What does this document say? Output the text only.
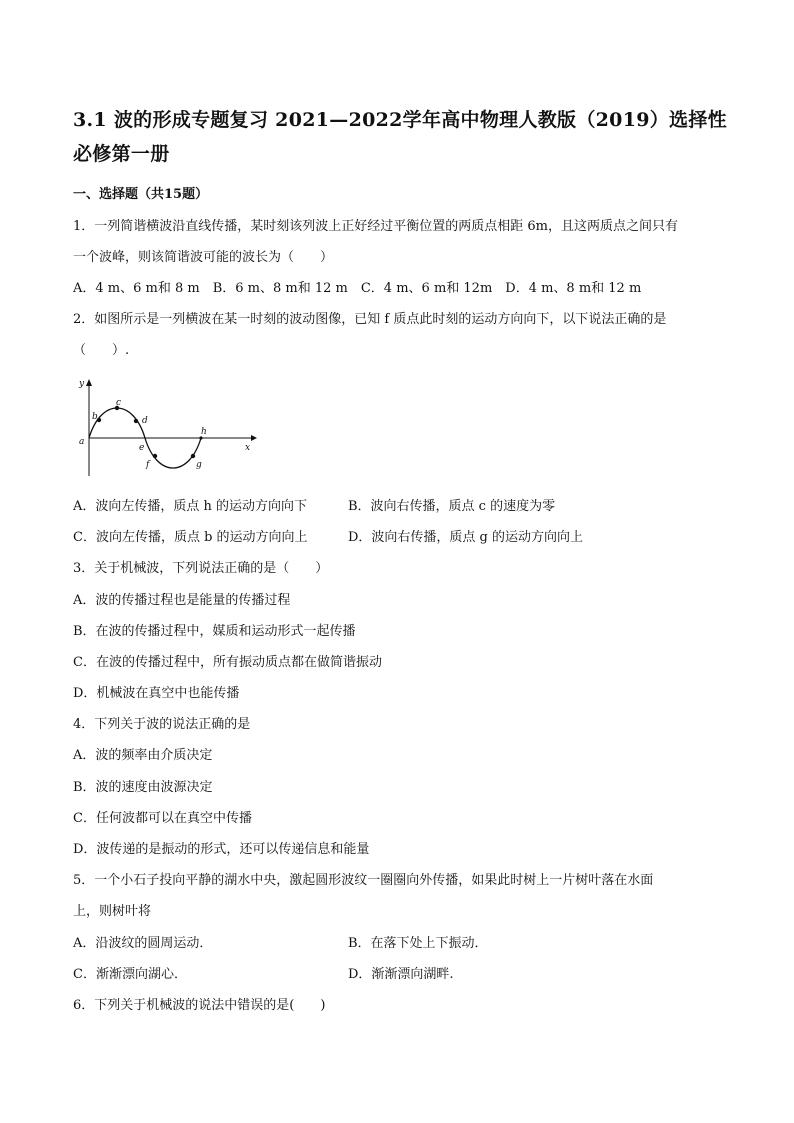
3.1 波的形成专题复习 2021—2022学年高中物理人教版（2019）选择性必修第一册
一、选择题（共15题）
1．一列简谐横波沿直线传播，某时刻该列波上正好经过平衡位置的两质点相距 6m，且这两质点之间只有
一个波峰，则该简谐波可能的波长为（　　）
A．4 m、6 m和 8 m　B．6 m、8 m和 12 m　C．4 m、6 m和 12m　D．4 m、8 m和 12 m
2．如图所示是一列横波在某一时刻的波动图像，已知 f 质点此时刻的运动方向向下，以下说法正确的是
（　　）.
y
x
a
b
c
d
e
f	g
h
A．波向左传播，质点 h 的运动方向向下	B．波向右传播，质点 c 的速度为零
C．波向左传播，质点 b 的运动方向向上	D．波向右传播，质点 g 的运动方向向上
3．关于机械波，下列说法正确的是（　　）
A．波的传播过程也是能量的传播过程
B．在波的传播过程中，媒质和运动形式一起传播
C．在波的传播过程中，所有振动质点都在做简谐振动
D．机械波在真空中也能传播
4．下列关于波的说法正确的是
A．波的频率由介质决定
B．波的速度由波源决定
C．任何波都可以在真空中传播
D．波传递的是振动的形式，还可以传递信息和能量
5．一个小石子投向平静的湖水中央，激起圆形波纹一圈圈向外传播，如果此时树上一片树叶落在水面
上，则树叶将
A．沿波纹的圆周运动．	B．在落下处上下振动．
C．渐渐漂向湖心．	D．渐渐漂向湖畔.
6．下列关于机械波的说法中错误的是(　　)
